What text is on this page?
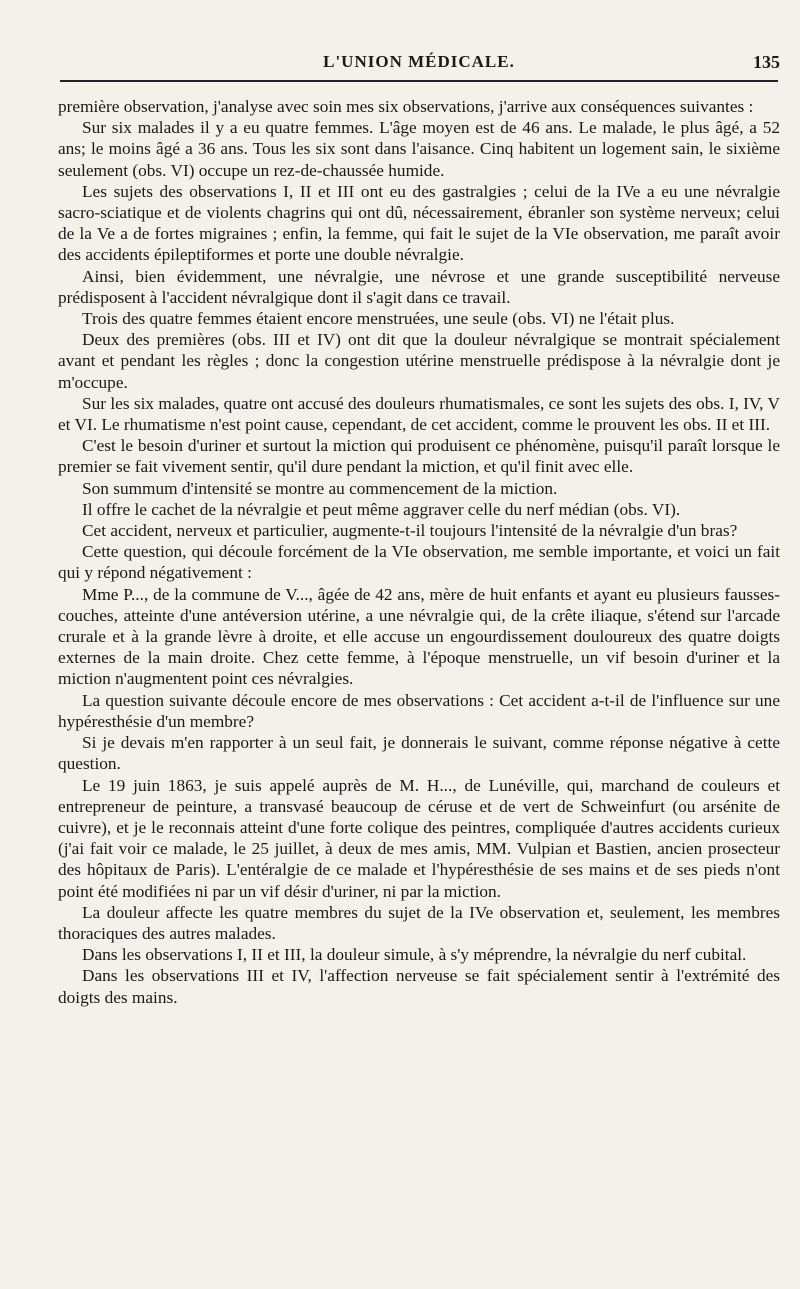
L'UNION MÉDICALE.	135

première observation, j'analyse avec soin mes six observations, j'arrive aux conséquences suivantes :

Sur six malades il y a eu quatre femmes. L'âge moyen est de 46 ans. Le malade, le plus âgé, a 52 ans; le moins âgé a 36 ans. Tous les six sont dans l'aisance. Cinq habitent un logement sain, le sixième seulement (obs. VI) occupe un rez-de-chaussée humide.

Les sujets des observations I, II et III ont eu des gastralgies ; celui de la IVe a eu une névralgie sacro-sciatique et de violents chagrins qui ont dû, nécessairement, ébranler son système nerveux; celui de la Ve a de fortes migraines ; enfin, la femme, qui fait le sujet de la VIe observation, me paraît avoir des accidents épileptiformes et porte une double névralgie.

Ainsi, bien évidemment, une névralgie, une névrose et une grande susceptibilité nerveuse prédisposent à l'accident névralgique dont il s'agit dans ce travail.

Trois des quatre femmes étaient encore menstruées, une seule (obs. VI) ne l'était plus.

Deux des premières (obs. III et IV) ont dit que la douleur névralgique se montrait spécialement avant et pendant les règles ; donc la congestion utérine menstruelle prédispose à la névralgie dont je m'occupe.

Sur les six malades, quatre ont accusé des douleurs rhumatismales, ce sont les sujets des obs. I, IV, V et VI. Le rhumatisme n'est point cause, cependant, de cet accident, comme le prouvent les obs. II et III.

C'est le besoin d'uriner et surtout la miction qui produisent ce phénomène, puisqu'il paraît lorsque le premier se fait vivement sentir, qu'il dure pendant la miction, et qu'il finit avec elle.

Son summum d'intensité se montre au commencement de la miction.

Il offre le cachet de la névralgie et peut même aggraver celle du nerf médian (obs. VI).

Cet accident, nerveux et particulier, augmente-t-il toujours l'intensité de la névralgie d'un bras?

Cette question, qui découle forcément de la VIe observation, me semble importante, et voici un fait qui y répond négativement :

Mme P..., de la commune de V..., âgée de 42 ans, mère de huit enfants et ayant eu plusieurs fausses-couches, atteinte d'une antéversion utérine, a une névralgie qui, de la crête iliaque, s'étend sur l'arcade crurale et à la grande lèvre à droite, et elle accuse un engourdissement douloureux des quatre doigts externes de la main droite. Chez cette femme, à l'époque menstruelle, un vif besoin d'uriner et la miction n'augmentent point ces névralgies.

La question suivante découle encore de mes observations : Cet accident a-t-il de l'influence sur une hypéresthésie d'un membre?

Si je devais m'en rapporter à un seul fait, je donnerais le suivant, comme réponse négative à cette question.

Le 19 juin 1863, je suis appelé auprès de M. H..., de Lunéville, qui, marchand de couleurs et entrepreneur de peinture, a transvasé beaucoup de céruse et de vert de Schweinfurt (ou arsénite de cuivre), et je le reconnais atteint d'une forte colique des peintres, compliquée d'autres accidents curieux (j'ai fait voir ce malade, le 25 juillet, à deux de mes amis, MM. Vulpian et Bastien, ancien prosecteur des hôpitaux de Paris). L'entéralgie de ce malade et l'hypéresthésie de ses mains et de ses pieds n'ont point été modifiées ni par un vif désir d'uriner, ni par la miction.

La douleur affecte les quatre membres du sujet de la IVe observation et, seulement, les membres thoraciques des autres malades.

Dans les observations I, II et III, la douleur simule, à s'y méprendre, la névralgie du nerf cubital.

Dans les observations III et IV, l'affection nerveuse se fait spécialement sentir à l'extrémité des doigts des mains.
